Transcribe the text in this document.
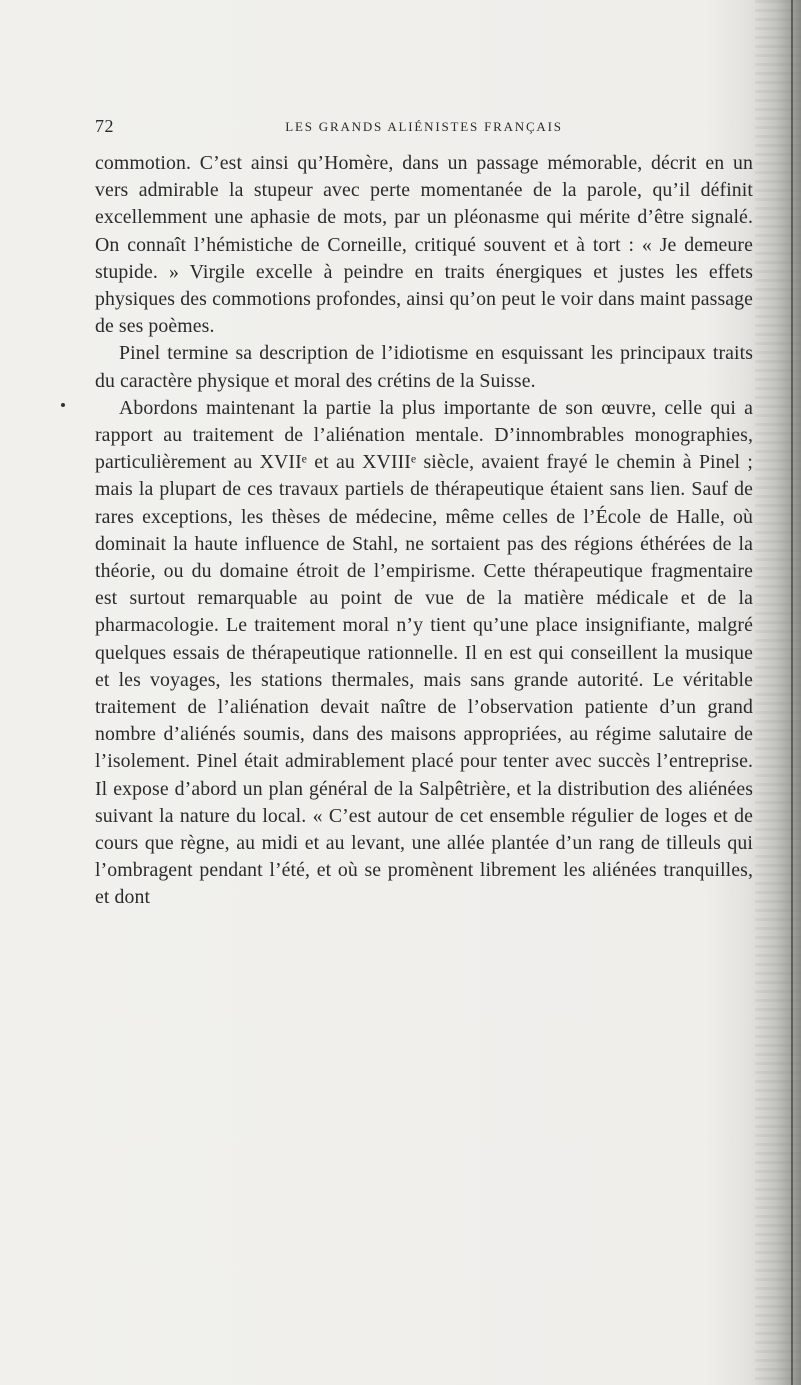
72	LES GRANDS ALIÉNISTES FRANÇAIS

commotion. C’est ainsi qu’Homère, dans un passage mémorable, décrit en un vers admirable la stupeur avec perte momentanée de la parole, qu’il définit excellemment une aphasie de mots, par un pléonasme qui mérite d’être signalé. On connaît l’hémistiche de Corneille, critiqué souvent et à tort : « Je demeure stupide. » Virgile excelle à peindre en traits énergiques et justes les effets physiques des commotions profondes, ainsi qu’on peut le voir dans maint passage de ses poèmes.

Pinel termine sa description de l’idiotisme en esquissant les principaux traits du caractère physique et moral des crétins de la Suisse.

Abordons maintenant la partie la plus importante de son œuvre, celle qui a rapport au traitement de l’aliénation mentale. D’innombrables monographies, particulièrement au XVIIᵉ et au XVIIIᵉ siècle, avaient frayé le chemin à Pinel ; mais la plupart de ces travaux partiels de thérapeutique étaient sans lien. Sauf de rares exceptions, les thèses de médecine, même celles de l’École de Halle, où dominait la haute influence de Stahl, ne sortaient pas des régions éthérées de la théorie, ou du domaine étroit de l’empirisme. Cette thérapeutique fragmentaire est surtout remarquable au point de vue de la matière médicale et de la pharmacologie. Le traitement moral n’y tient qu’une place insignifiante, malgré quelques essais de thérapeutique rationnelle. Il en est qui conseillent la musique et les voyages, les stations thermales, mais sans grande autorité. Le véritable traitement de l’aliénation devait naître de l’observation patiente d’un grand nombre d’aliénés soumis, dans des maisons appropriées, au régime salutaire de l’isolement. Pinel était admirablement placé pour tenter avec succès l’entreprise. Il expose d’abord un plan général de la Salpêtrière, et la distribution des aliénées suivant la nature du local. « C’est autour de cet ensemble régulier de loges et de cours que règne, au midi et au levant, une allée plantée d’un rang de tilleuls qui l’ombragent pendant l’été, et où se promènent librement les aliénées tranquilles, et dont
